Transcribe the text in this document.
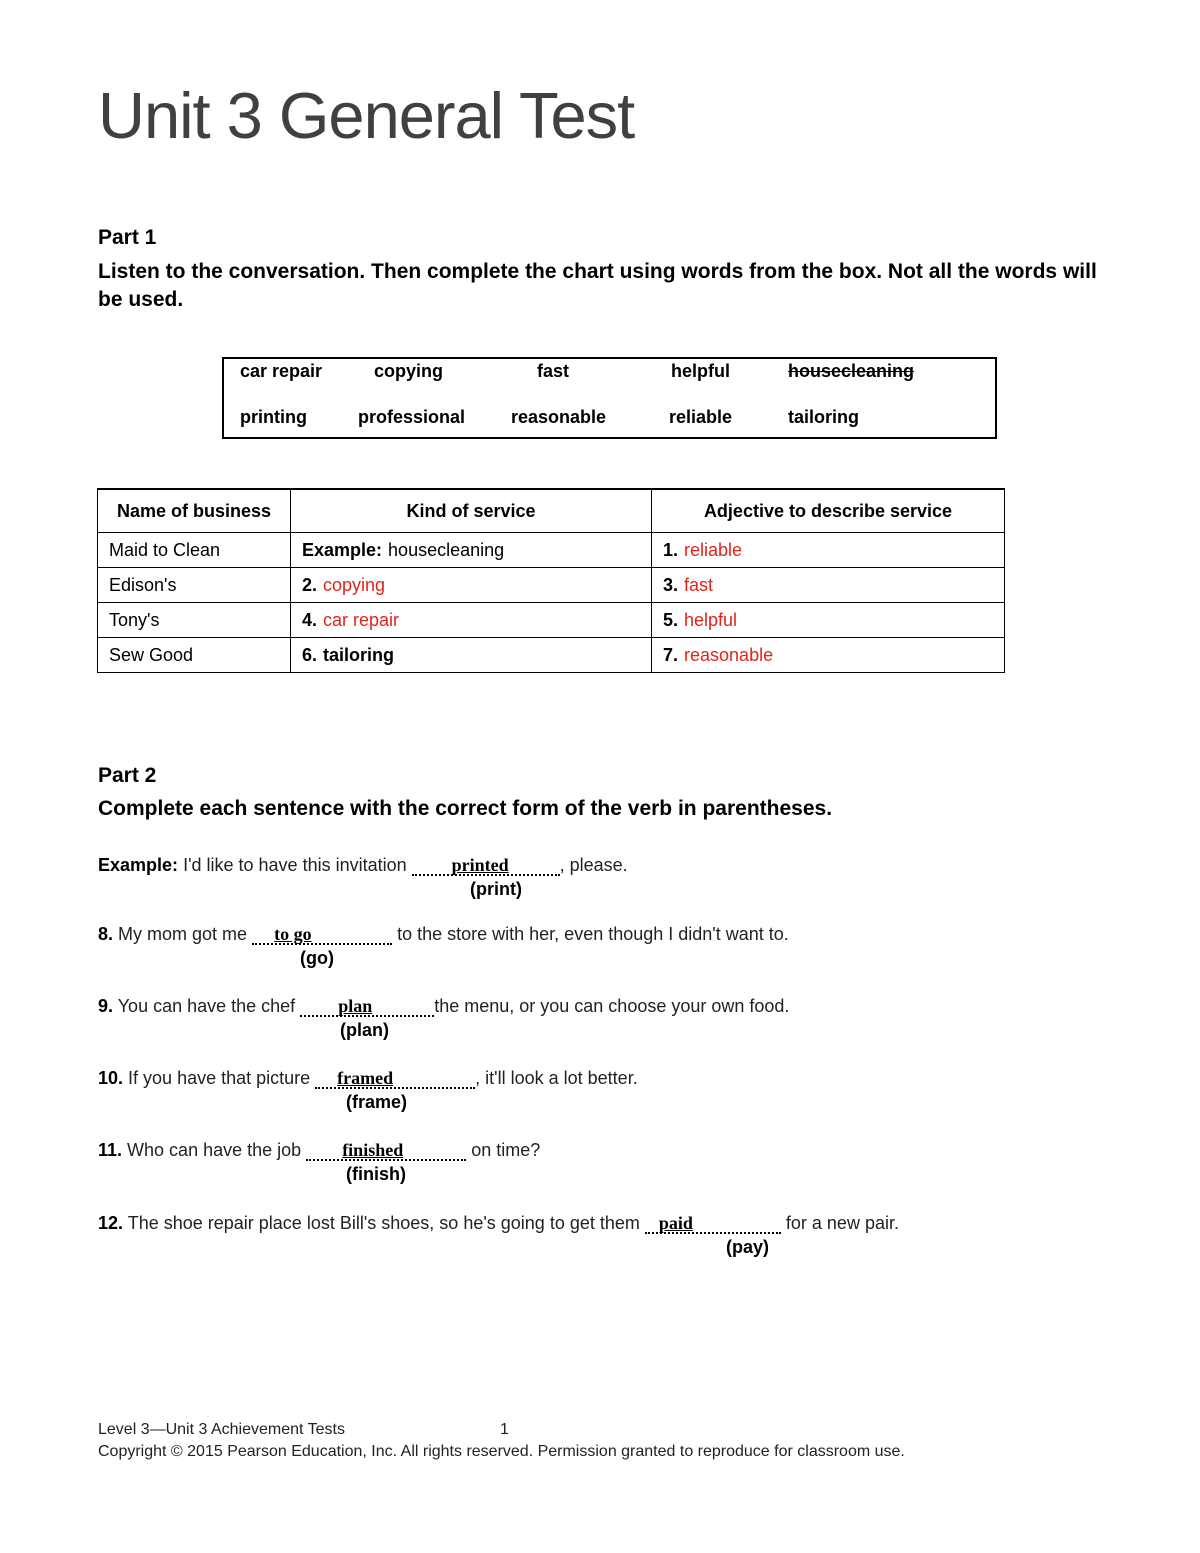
Unit 3 General Test
Part 1
Listen to the conversation. Then complete the chart using words from the box. Not all the words will be used.
car repair	copying	fast	helpful	housecleaning
printing	professional	reasonable	reliable	tailoring
Name of business	Kind of service	Adjective to describe service
Maid to Clean	Example: housecleaning	1. reliable
Edison's	2. copying	3. fast
Tony's	4. car repair	5. helpful
Sew Good	6. tailoring	7. reasonable
Part 2
Complete each sentence with the correct form of the verb in parentheses.
Example: I'd like to have this invitation	printed	, please.
(print)
8. My mom got me to go	to the store with her, even though I didn't want to.
(go)
9. You can have the chef plan	the menu, or you can choose your own food.
(plan)
10. If you have that picture framed	, it'll look a lot better.
(frame)
11. Who can have the job finished	on time?
(finish)
12. The shoe repair place lost Bill's shoes, so he's going to get them paid	for a new pair.
(pay)
Level 3—Unit 3 Achievement Tests	1
Copyright © 2015 Pearson Education, Inc. All rights reserved. Permission granted to reproduce for classroom use.
